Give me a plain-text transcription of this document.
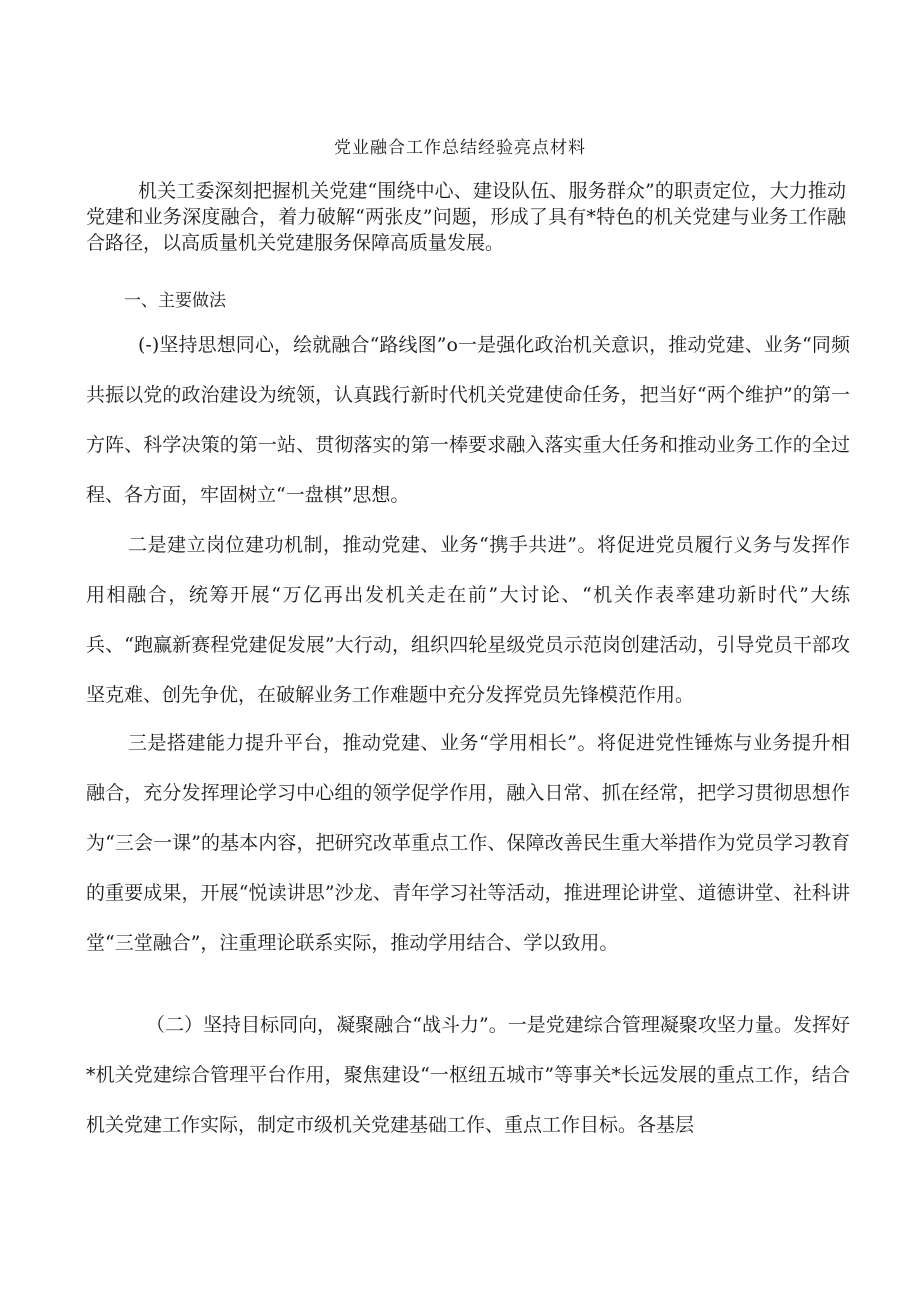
党业融合工作总结经验亮点材料
机关工委深刻把握机关党建“围绕中心、建设队伍、服务群众”的职责定位，大力推动党建和业务深度融合，着力破解“两张皮”问题，形成了具有*特色的机关党建与业务工作融合路径，以高质量机关党建服务保障高质量发展。
一、主要做法
(-)坚持思想同心，绘就融合“路线图”o一是强化政治机关意识，推动党建、业务“同频共振以党的政治建设为统领，认真践行新时代机关党建使命任务，把当好“两个维护”的第一方阵、科学决策的第一站、贯彻落实的第一棒要求融入落实重大任务和推动业务工作的全过程、各方面，牢固树立“一盘棋”思想。
二是建立岗位建功机制，推动党建、业务“携手共进”。将促进党员履行义务与发挥作用相融合，统筹开展“万亿再出发机关走在前”大讨论、“机关作表率建功新时代”大练兵、“跑赢新赛程党建促发展”大行动，组织四轮星级党员示范岗创建活动，引导党员干部攻坚克难、创先争优，在破解业务工作难题中充分发挥党员先锋模范作用。
三是搭建能力提升平台，推动党建、业务“学用相长”。将促进党性锤炼与业务提升相融合，充分发挥理论学习中心组的领学促学作用，融入日常、抓在经常，把学习贯彻思想作为“三会一课”的基本内容，把研究改革重点工作、保障改善民生重大举措作为党员学习教育的重要成果，开展“悦读讲思”沙龙、青年学习社等活动，推进理论讲堂、道德讲堂、社科讲堂“三堂融合”，注重理论联系实际，推动学用结合、学以致用。
（二）坚持目标同向，凝聚融合“战斗力”。一是党建综合管理凝聚攻坚力量。发挥好*机关党建综合管理平台作用，聚焦建设“一枢纽五城市”等事关*长远发展的重点工作，结合机关党建工作实际，制定市级机关党建基础工作、重点工作目标。各基层
